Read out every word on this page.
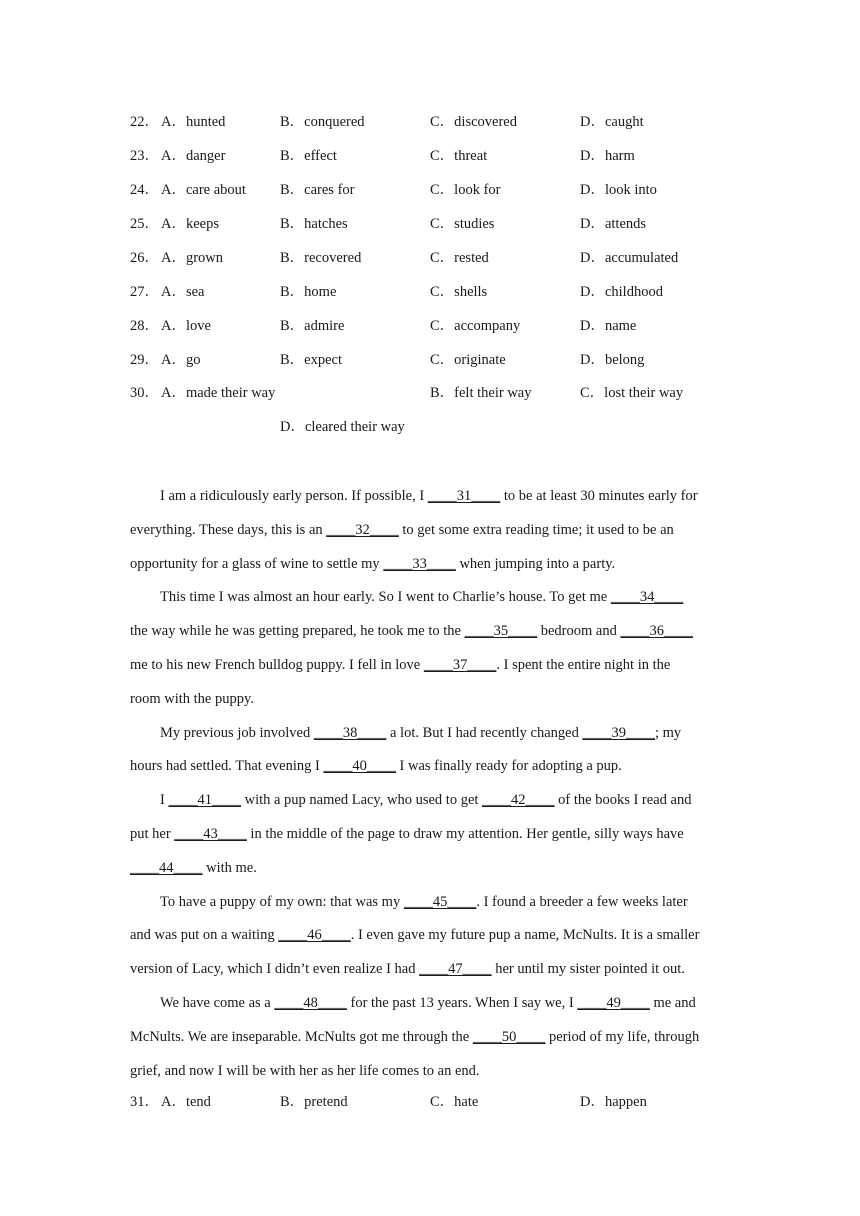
22． A．hunted	B．conquered	C．discovered	D．caught
23． A．danger	B．effect	C．threat	D．harm
24． A．care about B．cares for	C．look for	D．look into
25． A．keeps	B．hatches	C．studies	D．attends
26． A．grown	B．recovered	C．rested	D．accumulated
27． A．sea	B．home	C．shells	D．childhood
28． A．love	B．admire	C．accompany	D．name
29． A．go	B．expect	C．originate	D．belong
30． A．made their way	B．felt their way	C．lost their way
D．cleared their way

I am a ridiculously early person. If possible, I ____31____ to be at least 30 minutes early for

everything. These days, this is an ____32____ to get some extra reading time; it used to be an
opportunity for a glass of wine to settle my ____33____ when jumping into a party.

This time I was almost an hour early. So I went to Charlie’s house. To get me ____34____

the way while he was getting prepared, he took me to the ____35____ bedroom and ____36____
me to his new French bulldog puppy. I fell in love ____37____. I spent the entire night in the
room with the puppy.

My previous job involved ____38____ a lot. But I had recently changed ____39____; my

hours had settled. That evening I ____40____ I was finally ready for adopting a pup.

I ____41____ with a pup named Lacy, who used to get ____42____ of the books I read and

put her ____43____ in the middle of the page to draw my attention. Her gentle, silly ways have
____44____ with me.

To have a puppy of my own: that was my ____45____. I found a breeder a few weeks later

and was put on a waiting ____46____. I even gave my future pup a name, McNults. It is a smaller
version of Lacy, which I didn’t even realize I had ____47____ her until my sister pointed it out.

We have come as a ____48____ for the past 13 years. When I say we, I ____49____ me and

McNults. We are inseparable. McNults got me through the ____50____ period of my life, through
grief, and now I will be with her as her life comes to an end.

31． A．tend	B．pretend	C．hate	D．happen
